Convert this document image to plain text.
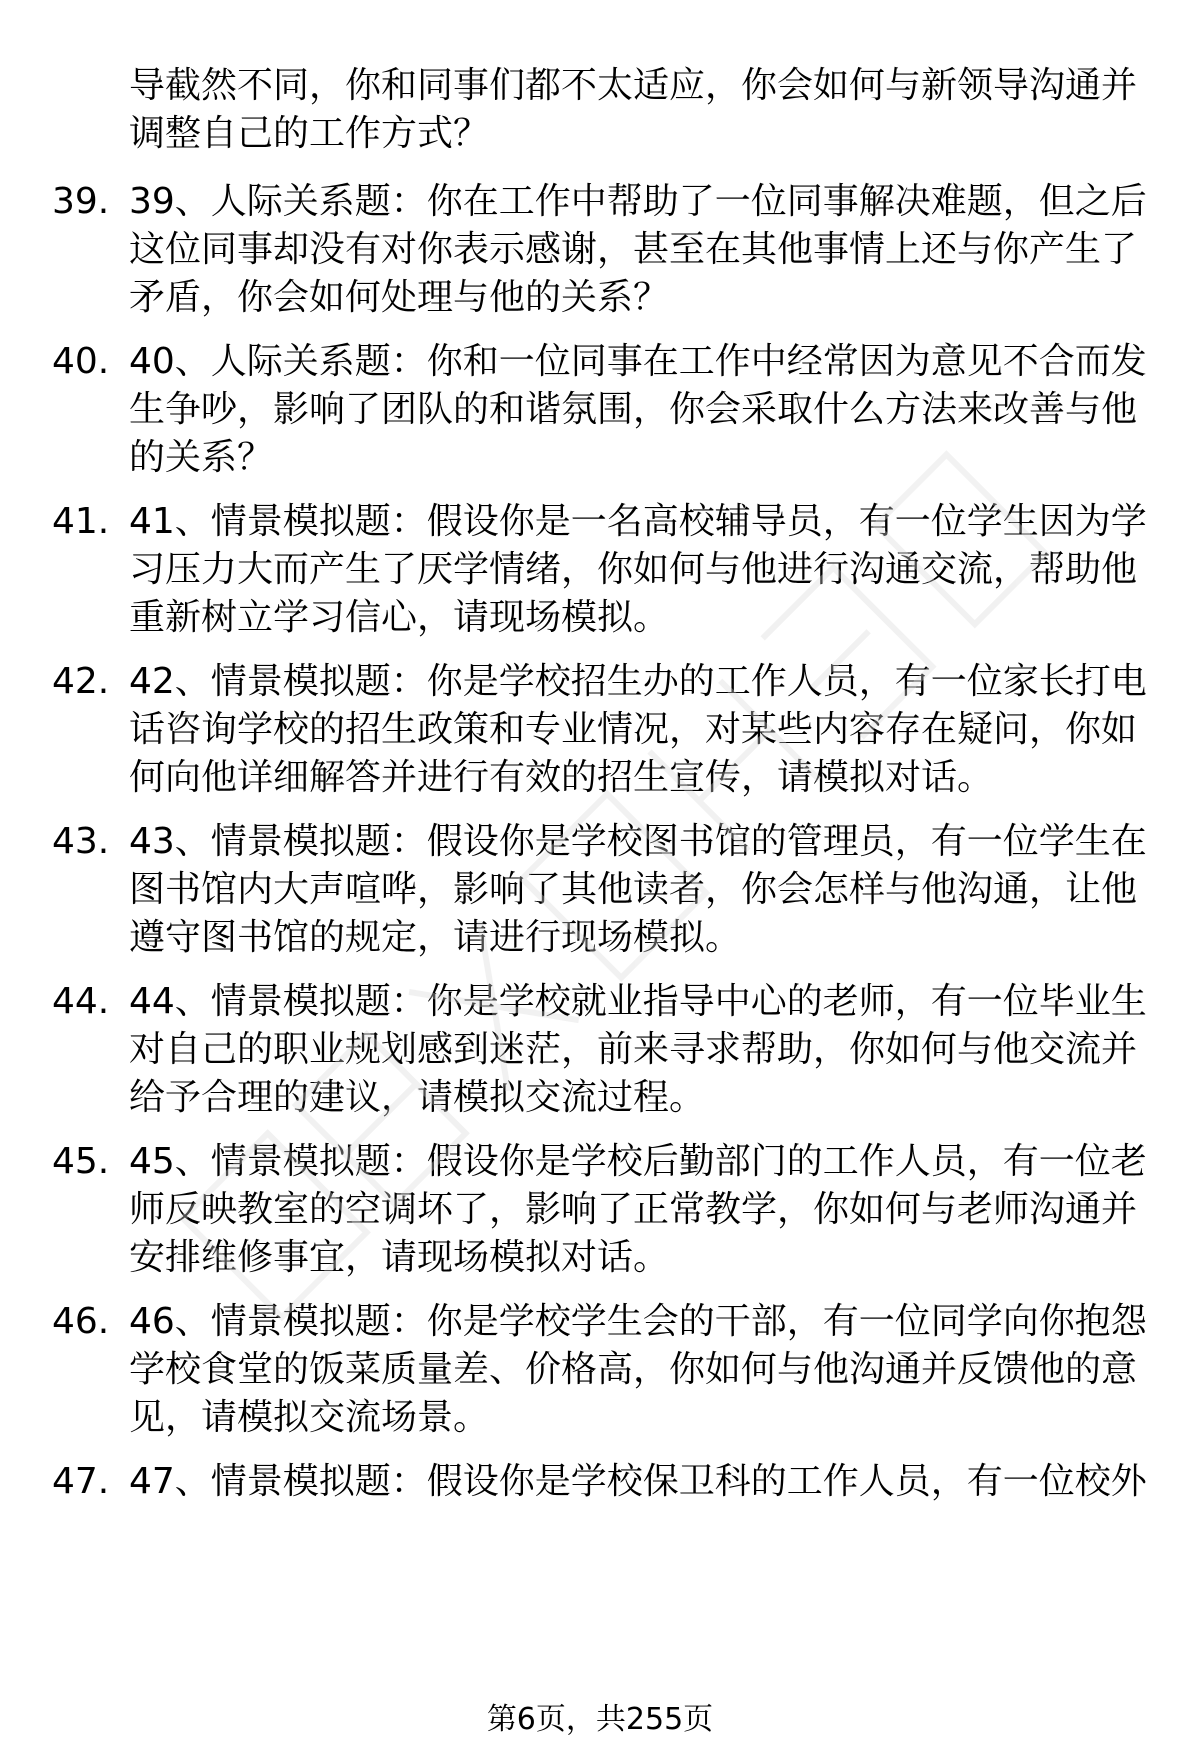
导截然不同，你和同事们都不太适应，你会如何与新领导沟通并调整自己的工作方式？

39. 39、人际关系题：你在工作中帮助了一位同事解决难题，但之后这位同事却没有对你表示感谢，甚至在其他事情上还与你产生了矛盾，你会如何处理与他的关系？

40. 40、人际关系题：你和一位同事在工作中经常因为意见不合而发生争吵，影响了团队的和谐氛围，你会采取什么方法来改善与他的关系？

41. 41、情景模拟题：假设你是一名高校辅导员，有一位学生因为学习压力大而产生了厌学情绪，你如何与他进行沟通交流，帮助他重新树立学习信心，请现场模拟。

42. 42、情景模拟题：你是学校招生办的工作人员，有一位家长打电话咨询学校的招生政策和专业情况，对某些内容存在疑问，你如何向他详细解答并进行有效的招生宣传，请模拟对话。

43. 43、情景模拟题：假设你是学校图书馆的管理员，有一位学生在图书馆内大声喧哗，影响了其他读者，你会怎样与他沟通，让他遵守图书馆的规定，请进行现场模拟。

44. 44、情景模拟题：你是学校就业指导中心的老师，有一位毕业生对自己的职业规划感到迷茫，前来寻求帮助，你如何与他交流并给予合理的建议，请模拟交流过程。

45. 45、情景模拟题：假设你是学校后勤部门的工作人员，有一位老师反映教室的空调坏了，影响了正常教学，你如何与老师沟通并安排维修事宜，请现场模拟对话。

46. 46、情景模拟题：你是学校学生会的干部，有一位同学向你抱怨学校食堂的饭菜质量差、价格高，你如何与他沟通并反馈他的意见，请模拟交流场景。

47. 47、情景模拟题：假设你是学校保卫科的工作人员，有一位校外

第6页，共255页
